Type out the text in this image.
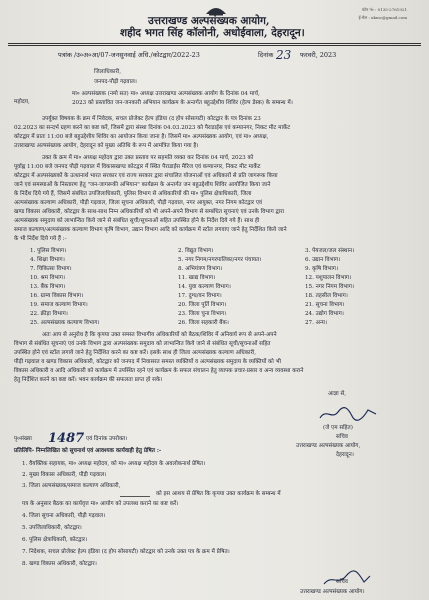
फोन नं० : 0135-2761921
ई-मेल : ukmc@gmail.com
उत्तराखण्ड अल्पसंख्यक आयोग,
शहीद भगत सिंह कॉलोनी, अधोईवाला, देहरादून।
पत्रांक /उ०अ०आ/07-जनसुनवाई अधि./कोटद्वार/2022-23	दिनांक 23 फरवरी, 2023
जिलाधिकारी,
जनपद-पौड़ी गढ़वाल।
महोदय,
मा० अल्पसंख्यक (नमो सत) मा० अध्यक्ष उत्तराखण्ड अल्पसंख्यक आयोग के दिनांक 04 मार्च,
2023 को प्रस्तावित जन-जनकारी अभियान कार्यक्रम के अन्तर्गत बहुउद्देशीय शिविर (हेल्प डेस्क) के सम्बन्ध में।
उपर्युक्त विषयक के क्रम में निवेदक, सचल प्रोजेक्ट हेल्प इंडिया (द होप सोसायटी) कोटद्वार के पत्र दिनांक 23
02.2023 का सन्दर्भ ग्रहण करने का कष्ट करें, जिसमें द्वारा संस्था दिनांक 04.03.2023 को पैराडाईस एवं कम्यानगर, निकट मीट मार्केट
कोटद्वार में प्रातः 11:00 बजे बहुउद्देशीय शिविर का आयोजन किया जाना है। जिसमें मा० अल्पसंख्यक आयोग, एवं मा० अध्यक्ष,
उत्तराखण्ड अल्पसंख्यक आयोग, देहरादून को मुख्य अतिथि के रूप में आमंत्रित किया गया है।
उक्त के क्रम में मा० अध्यक्ष महोदय द्वारा उक्त प्रस्ताव पर सहमति व्यक्त कर दिनांक 04 मार्च, 2023 को
पूर्वाह्न 11:00 बजे जनपद पौड़ी गढ़वाल में विकासखण्ड कोटद्वार में स्थित पैराडाईस मैरिज एवं कम्यानगर, निकट मीट मार्केट
कोटद्वार में अल्पसंख्यकों के उत्थानार्थ भारत सरकार एवं राज्य सरकार द्वारा संचालित योजनाओं एवं अधिकारों से प्रति जागरूक किया
जाने एवं समस्याओं के निस्तारण हेतु "जन-जागरूकी अभियान" कार्यक्रम के अन्तर्गत जन बहुउद्देशीय शिविर आयोजित किया जाने
के निर्देश दिये गये हैं, जिसमें संबंधित उपजिलाधिकारी, पुलिस विभाग से अधिकारियों की मा० पुलिस क्षेत्राधिकारी, जिला
अल्पसंख्यक कल्याण अधिकारी, पौड़ी गढ़वाल, जिला सूचना अधिकारी, पौड़ी गढ़वाल, नगर आयुक्त, नगर निगम कोटद्वार एवं
खण्ड विकास अधिकारी, कोटद्वार के साथ-साथ निम्न अधिकारियों को भी अपने-अपने विभाग से सम्बंधित सूचनाएं एवं उनके विभाग द्वारा
अल्पसंख्यक समुदाय को लाभान्वित किये जाने से संबंधित सूची/सूचनाओं सहित उपस्थित होने के निर्देश दिये गये हैं। साथ ही
समाज कल्याण/अल्पसंख्यक कल्याण विभाग कृषि विभाग, उद्यान विभाग आदि को कार्यक्रम में स्टॉल लगवाए जाने हेतु निर्देशित किये जाने
के भी निर्देश दिये गये हैं :-
1. पुलिस विभाग।	2. विद्युत विभाग।	3. पेयजल/जल संस्थान।
4. शिक्षा विभाग।	5. नगर निगम/नगरपालिका/नगर पंचायत।	6. उद्यान विभाग।
7. चिकित्सा विभाग।	8. अभियंत्रण विभाग।	9. कृषि विभाग।
10. श्रम विभाग।	11. खाद्य विभाग।	12. पशुपालन विभाग।
13. बैंक विभाग।	14. युवा कल्याण विभाग।	15. नगर निगम विभाग।
16. ग्राम्य विकास विभाग।	17. दुग्ध/वन विभाग।	18. तहसील विभाग।
19. समाज कल्याण विभाग।	20. जिला पूर्ति विभाग।	21. सूचना विभाग।
22. क्रीड़ा विभाग।	23. जिला चुना विभाग।	24. उद्योग विभाग।
25. अल्पसंख्यक कल्याण विभाग।	26. जिला सहकारी बैंक।	27. अन्य।
अतः आप से अनुरोध है कि कृपया उक्त समस्त विभागीय अधिकारियों को बैठक/शिविर में अनिवार्य रूप से अपने-अपने
विभाग से संबंधित सूचनाएं एवं उनके विभाग द्वारा अल्पसंख्यक समुदाय को लाभान्वित किये जाने से संबंधित सूची/सूचनाओं सहित
उपस्थित होने एवं स्टॉल लगाये जाने हेतु निर्देशित करने का कष्ट करें। इसके साथ ही जिला अल्पसंख्यक कल्याण अधिकारी,
पौड़ी गढ़वाल व खण्ड विकास अधिकारी, कोटद्वार को जनपद में निवासरत समस्त व्यक्तियों व अल्पसंख्यक समुदाय के व्यक्तियों को भी
विकास अधिकारी व आदि अधिकारी को कार्यक्रम में उपस्थित रहने एवं कार्यक्रम के सफल संचालन हेतु व्यापक प्रचार-प्रसार व अन्य व्यवस्था कराने
हेतु निर्देशित करने का कष्ट करें। भवन कार्यक्रम की सफलता प्राप्त हो सके।
आज्ञा से,
(जे एम सहित)
सचिव
उत्तराखण्ड अल्पसंख्यक आयोग,
देहरादून।
पृ०संख्या 1487 एवं दिनांक उपरोक्त।
प्रतिलिपि- निम्नलिखित को सूचनार्थ एवं आवश्यक कार्यवाही हेतु प्रेषित :-
1. वैयक्तिक सहायक, मा० अध्यक्ष महोदय, को मा० अध्यक्ष महोदय के अवलोकनार्थ प्रेषित।
2. मुख्य विकास अधिकारी, पौड़ी गढ़वाल।
3. जिला अल्पसंख्यक/समाज कल्याण अधिकारी,
को इस आशय से प्रेषित कि कृपया उक्त कार्यक्रम के सम्बन्ध में
पत्र के अनुसार बैठक का कार्यवृत्त मा० आयोग को उपलब्ध कराने का कष्ट करें।
4. जिला सूचना अधिकारी, पौड़ी गढ़वाल।
5. उपजिलाधिकारी, कोटद्वार।
6. पुलिस क्षेत्राधिकारी, कोटद्वार।
7. निदेशक, सचल प्रोजेक्ट हेल्प इंडिया (द होप सोसायटी) कोटद्वार को उनके उक्त पत्र के क्रम में प्रेषित।
8. खण्ड विकास अधिकारी, कोटद्वार।
सचिव
उत्तराखण्ड अल्पसंख्यक आयोग।
